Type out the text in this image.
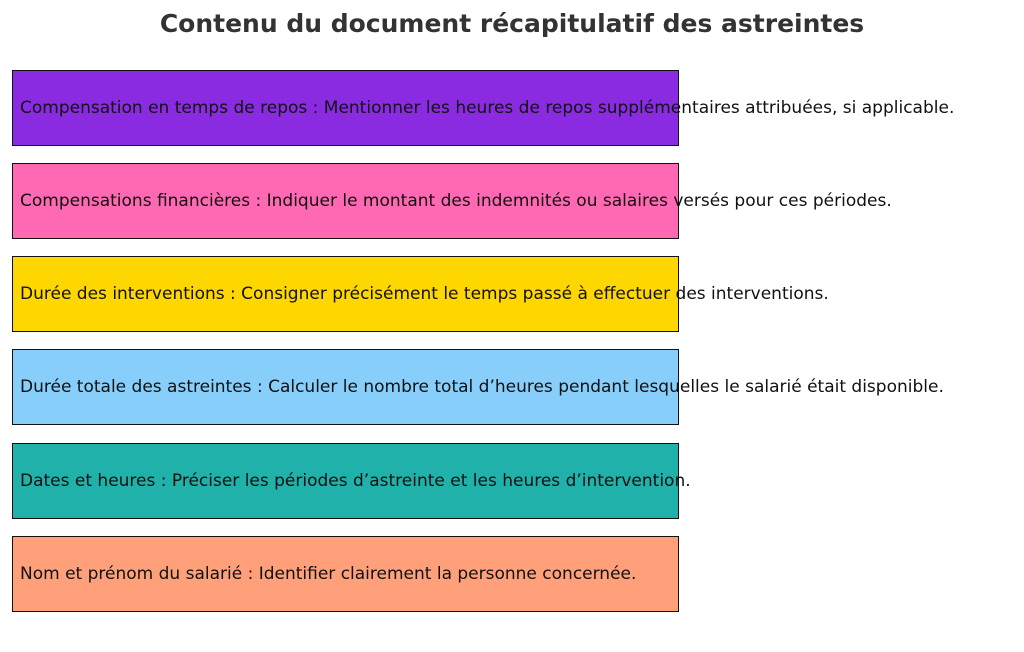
Contenu du document récapitulatif des astreintes
Compensation en temps de repos : Mentionner les heures de repos supplémentaires attribuées, si applicable.
Compensations financières : Indiquer le montant des indemnités ou salaires versés pour ces périodes.
Durée des interventions : Consigner précisément le temps passé à effectuer des interventions.
Durée totale des astreintes : Calculer le nombre total d’heures pendant lesquelles le salarié était disponible.
Dates et heures : Préciser les périodes d’astreinte et les heures d’intervention.
Nom et prénom du salarié : Identifier clairement la personne concernée.
